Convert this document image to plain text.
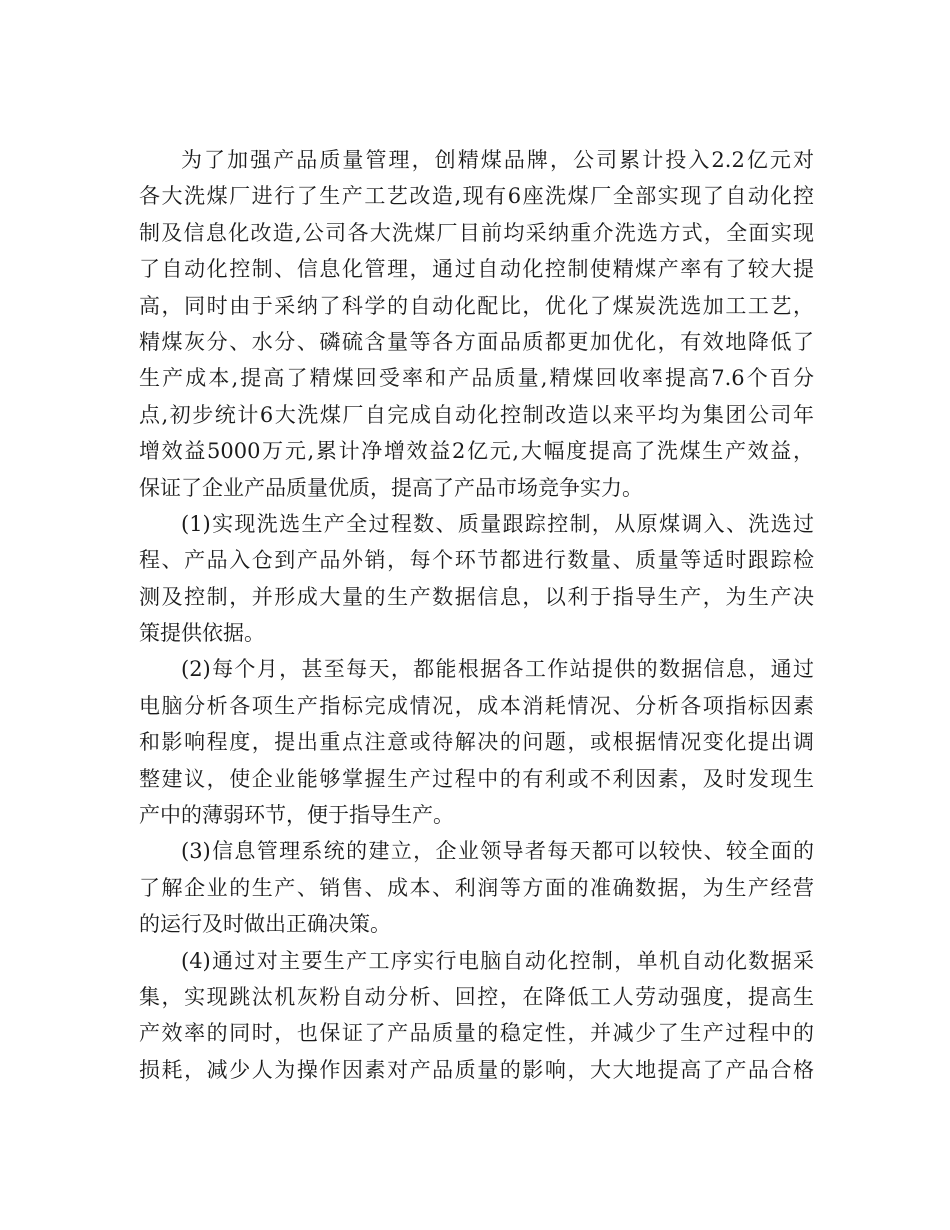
为了加强产品质量管理，创精煤品牌，公司累计投入2.2亿元对
各大洗煤厂进行了生产工艺改造,现有6座洗煤厂全部实现了自动化控
制及信息化改造,公司各大洗煤厂目前均采纳重介洗选方式，全面实现
了自动化控制、信息化管理，通过自动化控制使精煤产率有了较大提
高，同时由于采纳了科学的自动化配比，优化了煤炭洗选加工工艺，
精煤灰分、水分、磷硫含量等各方面品质都更加优化，有效地降低了
生产成本,提高了精煤回受率和产品质量,精煤回收率提高7.6个百分
点,初步统计6大洗煤厂自完成自动化控制改造以来平均为集团公司年
增效益5000万元,累计净增效益2亿元,大幅度提高了洗煤生产效益，
保证了企业产品质量优质，提高了产品市场竞争实力。
(1)实现洗选生产全过程数、质量跟踪控制，从原煤调入、洗选过
程、产品入仓到产品外销，每个环节都进行数量、质量等适时跟踪检
测及控制，并形成大量的生产数据信息，以利于指导生产，为生产决
策提供依据。
(2)每个月，甚至每天，都能根据各工作站提供的数据信息，通过
电脑分析各项生产指标完成情况，成本消耗情况、分析各项指标因素
和影响程度，提出重点注意或待解决的问题，或根据情况变化提出调
整建议，使企业能够掌握生产过程中的有利或不利因素，及时发现生
产中的薄弱环节，便于指导生产。
(3)信息管理系统的建立，企业领导者每天都可以较快、较全面的
了解企业的生产、销售、成本、利润等方面的准确数据，为生产经营
的运行及时做出正确决策。
(4)通过对主要生产工序实行电脑自动化控制，单机自动化数据采
集，实现跳汰机灰粉自动分析、回控，在降低工人劳动强度，提高生
产效率的同时，也保证了产品质量的稳定性，并减少了生产过程中的
损耗，减少人为操作因素对产品质量的影响，大大地提高了产品合格
